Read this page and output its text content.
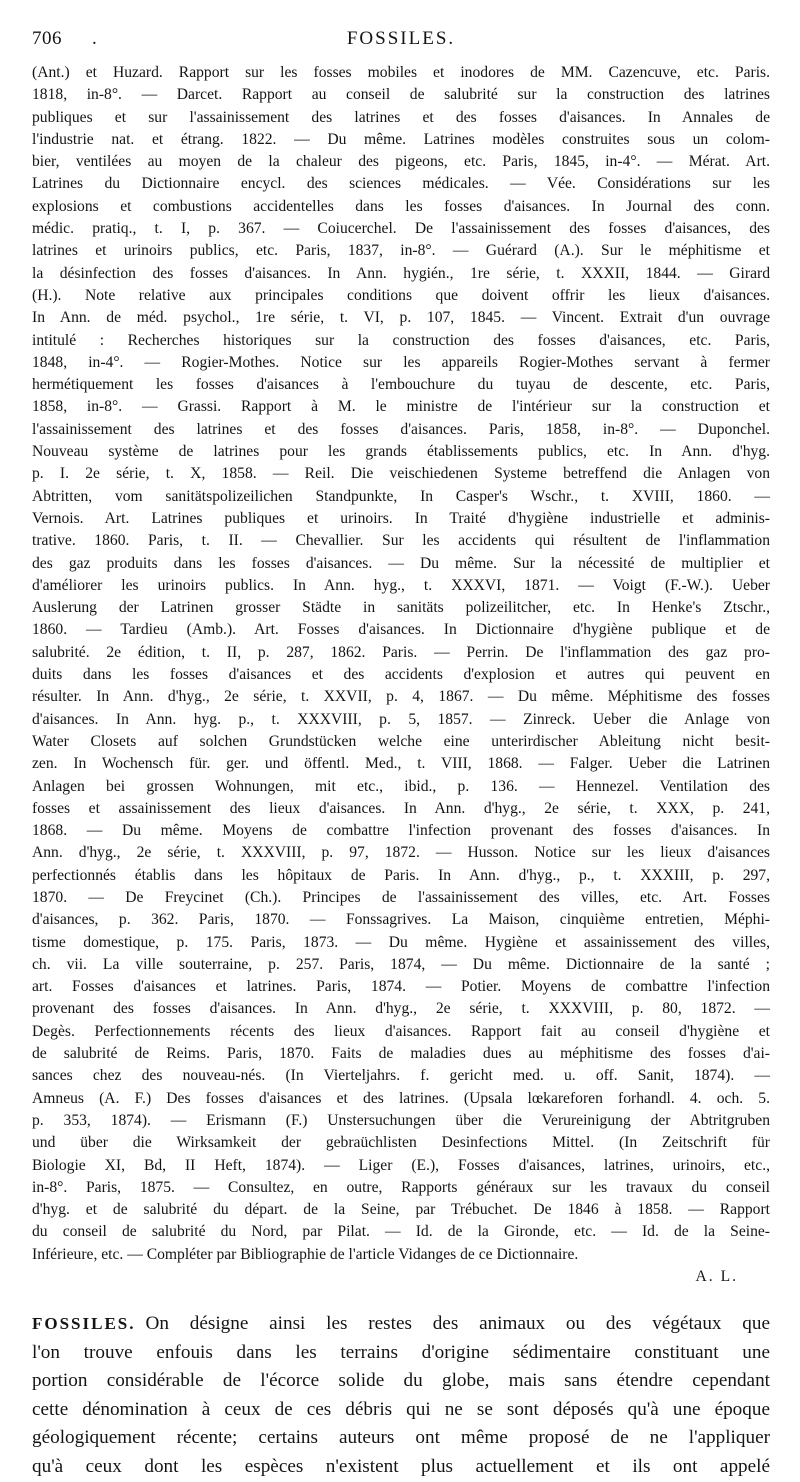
706 .	FOSSILES.
(Ant.) et Huzard. Rapport sur les fosses mobiles et inodores de MM. Cazencuve, etc. Paris.
1818, in-8°. — Darcet. Rapport au conseil de salubrité sur la construction des latrines
publiques et sur l'assainissement des latrines et des fosses d'aisances. In Annales de
l'industrie nat. et étrang. 1822. — Du même. Latrines modèles construites sous un colom-
bier, ventilées au moyen de la chaleur des pigeons, etc. Paris, 1845, in-4°. — Mérat. Art.
Latrines du Dictionnaire encycl. des sciences médicales. — Vée. Considérations sur les
explosions et combustions accidentelles dans les fosses d'aisances. In Journal des conn.
médic. pratiq., t. I, p. 367. — Coiucerchel. De l'assainissement des fosses d'aisances, des
latrines et urinoirs publics, etc. Paris, 1837, in-8°. — Guérard (A.). Sur le méphitisme et
la désinfection des fosses d'aisances. In Ann. hygién., 1re série, t. XXXII, 1844. — Girard
(H.). Note relative aux principales conditions que doivent offrir les lieux d'aisances.
In Ann. de méd. psychol., 1re série, t. VI, p. 107, 1845. — Vincent. Extrait d'un ouvrage
intitulé : Recherches historiques sur la construction des fosses d'aisances, etc. Paris,
1848, in-4°. — Rogier-Mothes. Notice sur les appareils Rogier-Mothes servant à fermer
hermétiquement les fosses d'aisances à l'embouchure du tuyau de descente, etc. Paris,
1858, in-8°. — Grassi. Rapport à M. le ministre de l'intérieur sur la construction et
l'assainissement des latrines et des fosses d'aisances. Paris, 1858, in-8°. — Duponchel.
Nouveau système de latrines pour les grands établissements publics, etc. In Ann. d'hyg.
p. I. 2e série, t. X, 1858. — Reil. Die veischiedenen Systeme betreffend die Anlagen von
Abtritten, vom sanitätspolizeilichen Standpunkte, In Casper's Wschr., t. XVIII, 1860. —
Vernois. Art. Latrines publiques et urinoirs. In Traité d'hygiène industrielle et adminis-
trative. 1860. Paris, t. II. — Chevallier. Sur les accidents qui résultent de l'inflammation
des gaz produits dans les fosses d'aisances. — Du même. Sur la nécessité de multiplier et
d'améliorer les urinoirs publics. In Ann. hyg., t. XXXVI, 1871. — Voigt (F.-W.). Ueber
Auslerung der Latrinen grosser Städte in sanitäts polizeilitcher, etc. In Henke's Ztschr.,
1860. — Tardieu (Amb.). Art. Fosses d'aisances. In Dictionnaire d'hygiène publique et de
salubrité. 2e édition, t. II, p. 287, 1862. Paris. — Perrin. De l'inflammation des gaz pro-
duits dans les fosses d'aisances et des accidents d'explosion et autres qui peuvent en
résulter. In Ann. d'hyg., 2e série, t. XXVII, p. 4, 1867. — Du même. Méphitisme des fosses
d'aisances. In Ann. hyg. p., t. XXXVIII, p. 5, 1857. — Zinreck. Ueber die Anlage von
Water Closets auf solchen Grundstücken welche eine unterirdischer Ableitung nicht besit-
zen. In Wochensch für. ger. und öffentl. Med., t. VIII, 1868. — Falger. Ueber die Latrinen
Anlagen bei grossen Wohnungen, mit etc., ibid., p. 136. — Hennezel. Ventilation des
fosses et assainissement des lieux d'aisances. In Ann. d'hyg., 2e série, t. XXX, p. 241,
1868. — Du même. Moyens de combattre l'infection provenant des fosses d'aisances. In
Ann. d'hyg., 2e série, t. XXXVIII, p. 97, 1872. — Husson. Notice sur les lieux d'aisances
perfectionnés établis dans les hôpitaux de Paris. In Ann. d'hyg., p., t. XXXIII, p. 297,
1870. — De Freycinet (Ch.). Principes de l'assainissement des villes, etc. Art. Fosses
d'aisances, p. 362. Paris, 1870. — Fonssagrives. La Maison, cinquième entretien, Méphi-
tisme domestique, p. 175. Paris, 1873. — Du même. Hygiène et assainissement des villes,
ch. vii. La ville souterraine, p. 257. Paris, 1874, — Du même. Dictionnaire de la santé ;
art. Fosses d'aisances et latrines. Paris, 1874. — Potier. Moyens de combattre l'infection
provenant des fosses d'aisances. In Ann. d'hyg., 2e série, t. XXXVIII, p. 80, 1872. —
Degès. Perfectionnements récents des lieux d'aisances. Rapport fait au conseil d'hygiène et
de salubrité de Reims. Paris, 1870. Faits de maladies dues au méphitisme des fosses d'ai-
sances chez des nouveau-nés. (In Vierteljahrs. f. gericht med. u. off. Sanit, 1874). —
Amneus (A. F.) Des fosses d'aisances et des latrines. (Upsala lœkareforen forhandl. 4. och. 5.
p. 353, 1874). — Erismann (F.) Unstersuchungen über die Verureinigung der Abtritgruben
und über die Wirksamkeit der gebraüchlisten Desinfections Mittel. (In Zeitschrift für
Biologie XI, Bd, II Heft, 1874). — Liger (E.), Fosses d'aisances, latrines, urinoirs, etc.,
in-8°. Paris, 1875. — Consultez, en outre, Rapports généraux sur les travaux du conseil
d'hyg. et de salubrité du départ. de la Seine, par Trébuchet. De 1846 à 1858. — Rapport
du conseil de salubrité du Nord, par Pilat. — Id. de la Gironde, etc. — Id. de la Seine-
Inférieure, etc. — Compléter par Bibliographie de l'article Vidanges de ce Dictionnaire.

A. L.

FOSSILES. On désigne ainsi les restes des animaux ou des végétaux que
l'on trouve enfouis dans les terrains d'origine sédimentaire constituant une
portion considérable de l'écorce solide du globe, mais sans étendre cependant
cette dénomination à ceux de ces débris qui ne se sont déposés qu'à une époque
géologiquement récente; certains auteurs ont même proposé de ne l'appliquer
qu'à ceux dont les espèces n'existent plus actuellement et ils ont appelé
